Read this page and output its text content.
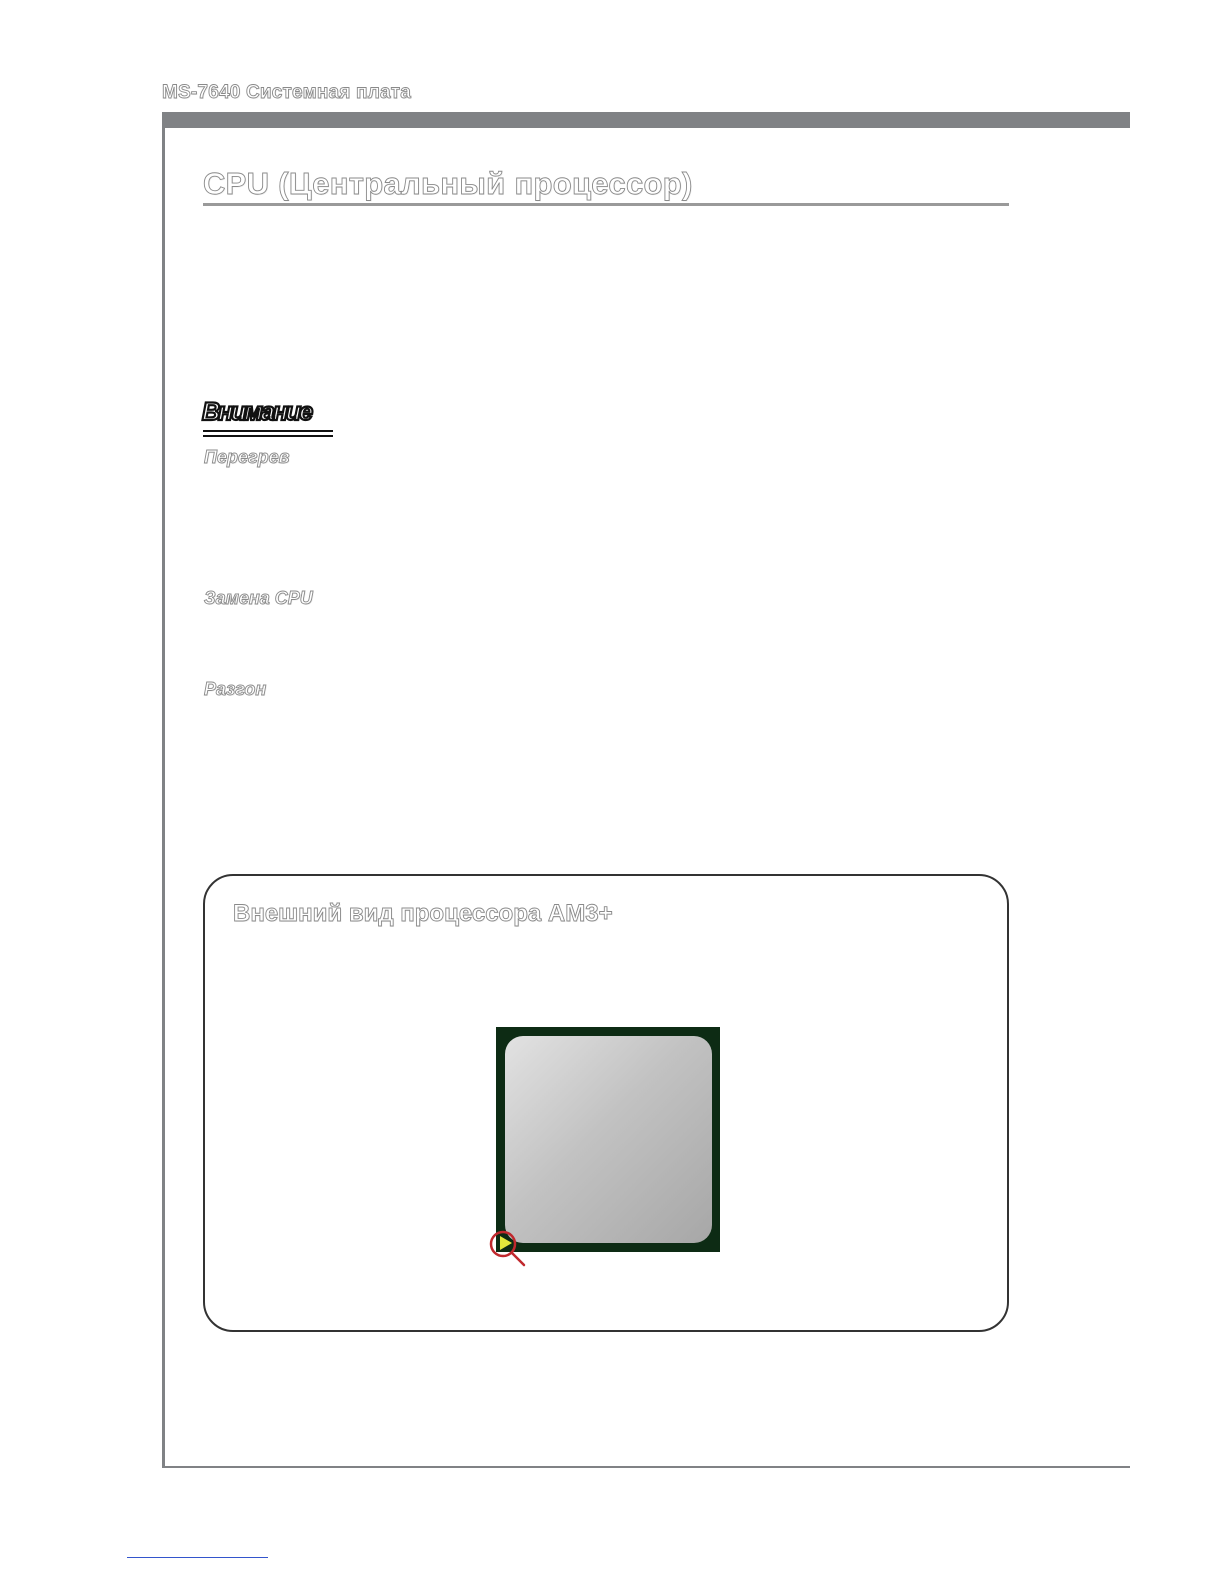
MS-7640 Системная плата
CPU (Центральный процессор)
Внимание
Перегрев
Замена CPU
Разгон
Внешний вид процессора AM3+
